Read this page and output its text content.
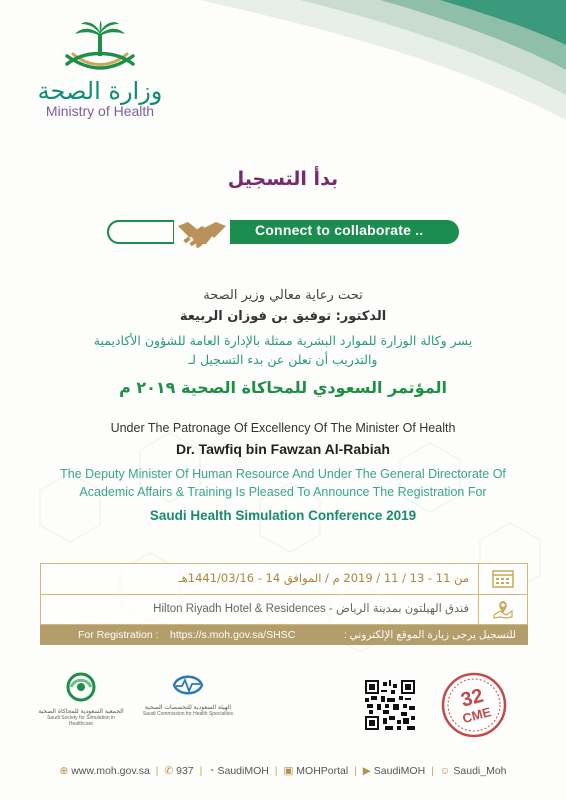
وزارة الصحة
Ministry of Health
بدأ التسجيل
Connect to collaborate ..
تحت رعاية معالي وزير الصحة
الدكتور: توفيق بن فوزان الربيعة
يسر وكالة الوزارة للموارد البشرية ممثلة بالإدارة العامة للشؤون الأكاديمية
والتدريب أن تعلن عن بدء التسجيل لـ
المؤتمر السعودي للمحاكاة الصحية ٢٠١٩ م
Under The Patronage Of Excellency Of The Minister Of Health
Dr. Tawfiq bin Fawzan Al-Rabiah
The Deputy Minister Of Human Resource And Under The General Directorate Of
Academic Affairs & Training Is Pleased To Announce The Registration For
Saudi Health Simulation Conference 2019
من 11 - 13 / 11 / 2019 م / الموافق 14 - 1441/03/16هـ
Hilton Riyadh Hotel & Residences - فندق الهيلتون بمدينة الرياض
For Registration : https://s.moh.gov.sa/SHSC	للتسجيل يرجى زيارة الموقع الإلكتروني :
الجمعية السعودية للمحاكاة الصحية
Saudi Society for Simulation in Healthcare
الهيئة السعودية للتخصصات الصحية
Saudi Commission for Health Specialties
32
CME
⊕ www.moh.gov.sa | ✆ 937 | ◔ SaudiMOH | ▣ MOHPortal | ▶ SaudiMOH | ☺ Saudi_Moh
